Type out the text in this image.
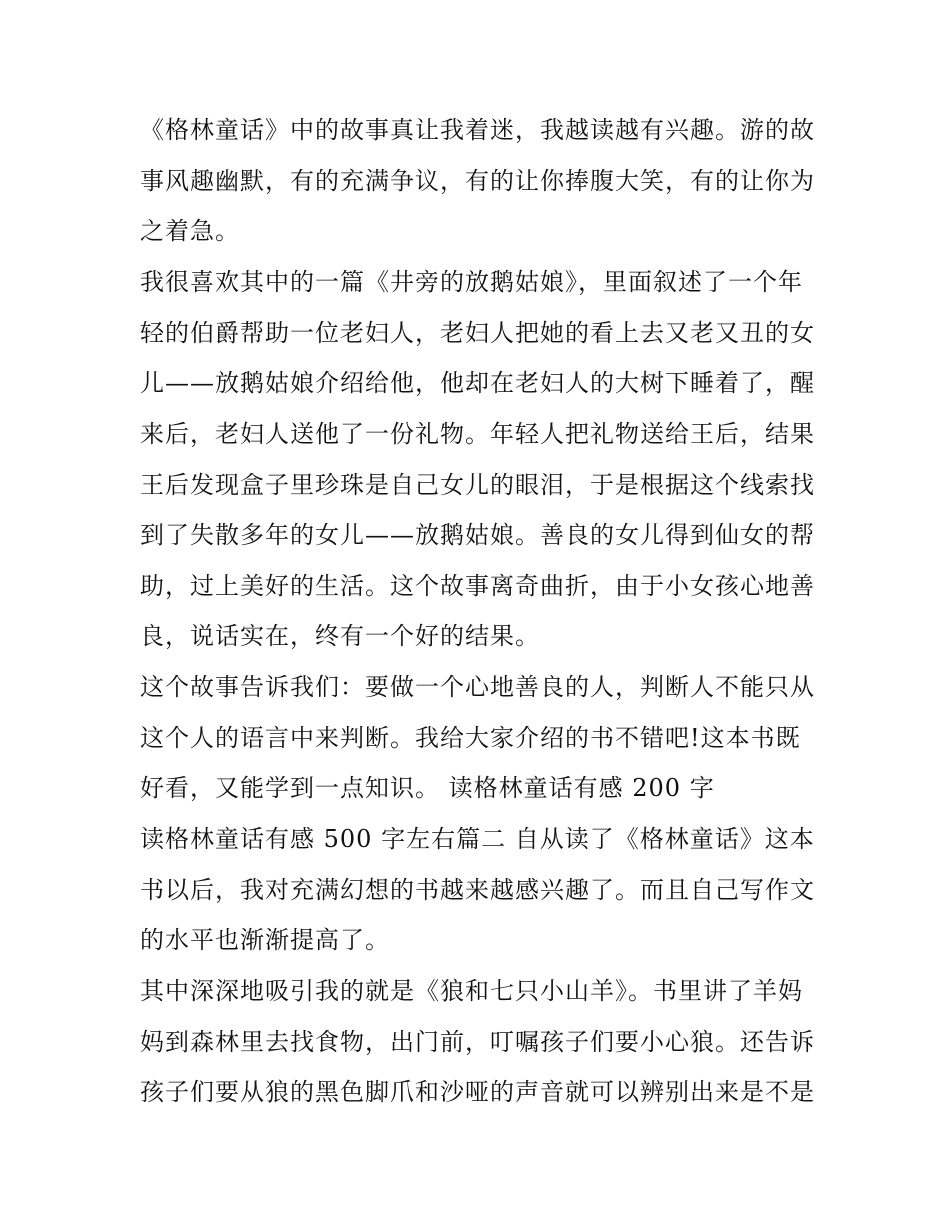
《格林童话》中的故事真让我着迷，我越读越有兴趣。游的故
事风趣幽默，有的充满争议，有的让你捧腹大笑，有的让你为
之着急。
我很喜欢其中的一篇《井旁的放鹅姑娘》，里面叙述了一个年
轻的伯爵帮助一位老妇人，老妇人把她的看上去又老又丑的女
儿——放鹅姑娘介绍给他，他却在老妇人的大树下睡着了，醒
来后，老妇人送他了一份礼物。年轻人把礼物送给王后，结果
王后发现盒子里珍珠是自己女儿的眼泪，于是根据这个线索找
到了失散多年的女儿——放鹅姑娘。善良的女儿得到仙女的帮
助，过上美好的生活。这个故事离奇曲折，由于小女孩心地善
良，说话实在，终有一个好的结果。
这个故事告诉我们：要做一个心地善良的人，判断人不能只从
这个人的语言中来判断。我给大家介绍的书不错吧!这本书既
好看，又能学到一点知识。 读格林童话有感 200 字
读格林童话有感 500 字左右篇二 自从读了《格林童话》这本
书以后，我对充满幻想的书越来越感兴趣了。而且自己写作文
的水平也渐渐提高了。
其中深深地吸引我的就是《狼和七只小山羊》。书里讲了羊妈
妈到森林里去找食物，出门前，叮嘱孩子们要小心狼。还告诉
孩子们要从狼的黑色脚爪和沙哑的声音就可以辨别出来是不是
